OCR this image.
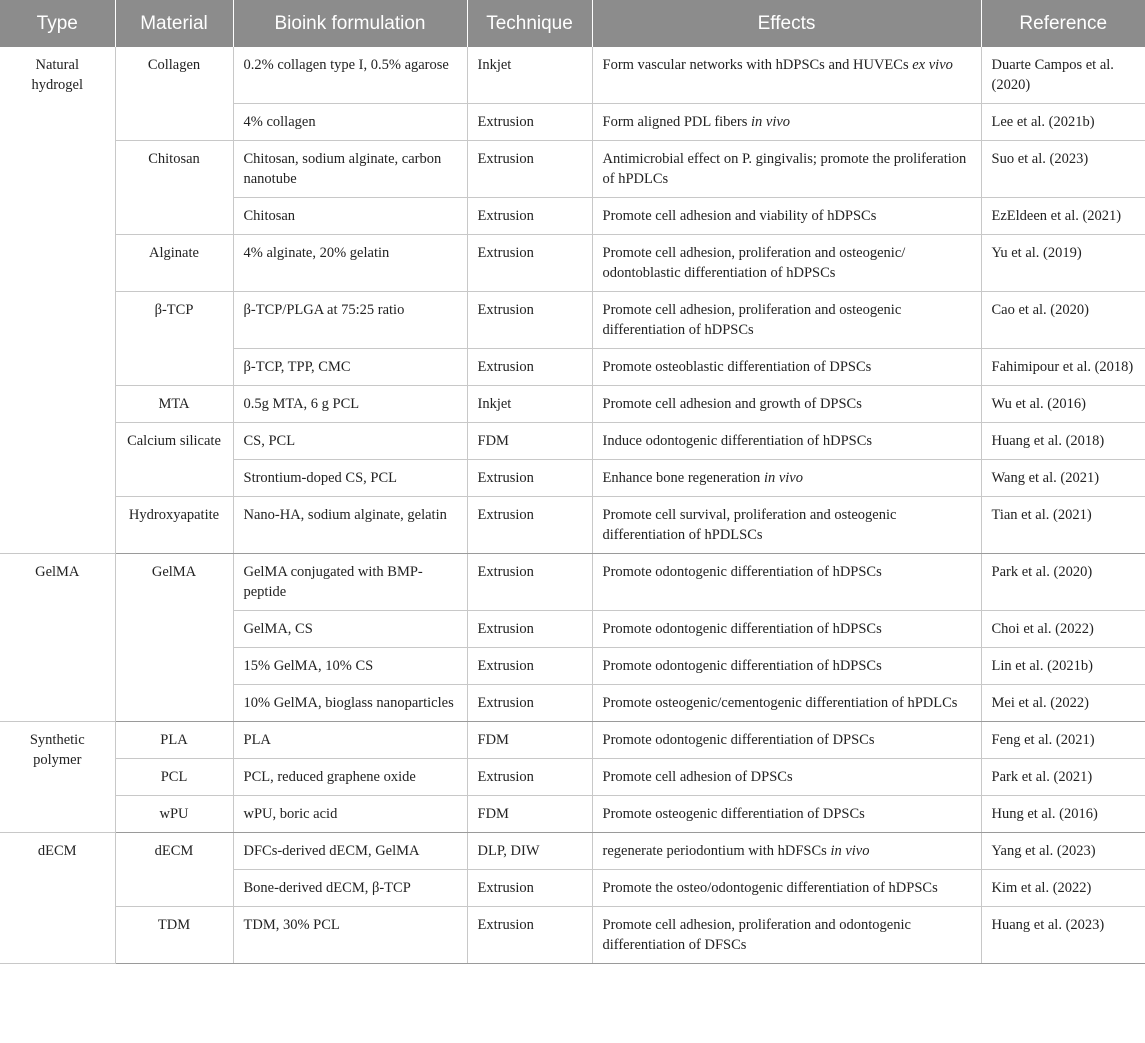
Type	Material	Bioink formulation	Technique	Effects	Reference
Natural hydrogel	Collagen	0.2% collagen type I, 0.5% agarose	Inkjet	Form vascular networks with hDPSCs and HUVECs ex vivo	Duarte Campos et al. (2020)
		4% collagen	Extrusion	Form aligned PDL fibers in vivo	Lee et al. (2021b)
	Chitosan	Chitosan, sodium alginate, carbon nanotube	Extrusion	Antimicrobial effect on P. gingivalis; promote the proliferation of hPDLCs	Suo et al. (2023)
		Chitosan	Extrusion	Promote cell adhesion and viability of hDPSCs	EzEldeen et al. (2021)
	Alginate	4% alginate, 20% gelatin	Extrusion	Promote cell adhesion, proliferation and osteogenic/ odontoblastic differentiation of hDPSCs	Yu et al. (2019)
	β-TCP	β-TCP/PLGA at 75:25 ratio	Extrusion	Promote cell adhesion, proliferation and osteogenic differentiation of hDPSCs	Cao et al. (2020)
		β-TCP, TPP, CMC	Extrusion	Promote osteoblastic differentiation of DPSCs	Fahimipour et al. (2018)
	MTA	0.5g MTA, 6 g PCL	Inkjet	Promote cell adhesion and growth of DPSCs	Wu et al. (2016)
	Calcium silicate	CS, PCL	FDM	Induce odontogenic differentiation of hDPSCs	Huang et al. (2018)
		Strontium-doped CS, PCL	Extrusion	Enhance bone regeneration in vivo	Wang et al. (2021)
	Hydroxyapatite	Nano-HA, sodium alginate, gelatin	Extrusion	Promote cell survival, proliferation and osteogenic differentiation of hPDLSCs	Tian et al. (2021)
GelMA	GelMA	GelMA conjugated with BMP-peptide	Extrusion	Promote odontogenic differentiation of hDPSCs	Park et al. (2020)
		GelMA, CS	Extrusion	Promote odontogenic differentiation of hDPSCs	Choi et al. (2022)
		15% GelMA, 10% CS	Extrusion	Promote odontogenic differentiation of hDPSCs	Lin et al. (2021b)
		10% GelMA, bioglass nanoparticles	Extrusion	Promote osteogenic/cementogenic differentiation of hPDLCs	Mei et al. (2022)
Synthetic polymer	PLA	PLA	FDM	Promote odontogenic differentiation of DPSCs	Feng et al. (2021)
	PCL	PCL, reduced graphene oxide	Extrusion	Promote cell adhesion of DPSCs	Park et al. (2021)
	wPU	wPU, boric acid	FDM	Promote osteogenic differentiation of DPSCs	Hung et al. (2016)
dECM	dECM	DFCs-derived dECM, GelMA	DLP, DIW	regenerate periodontium with hDFSCs in vivo	Yang et al. (2023)
		Bone-derived dECM, β-TCP	Extrusion	Promote the osteo/odontogenic differentiation of hDPSCs	Kim et al. (2022)
	TDM	TDM, 30% PCL	Extrusion	Promote cell adhesion, proliferation and odontogenic differentiation of DFSCs	Huang et al. (2023)
